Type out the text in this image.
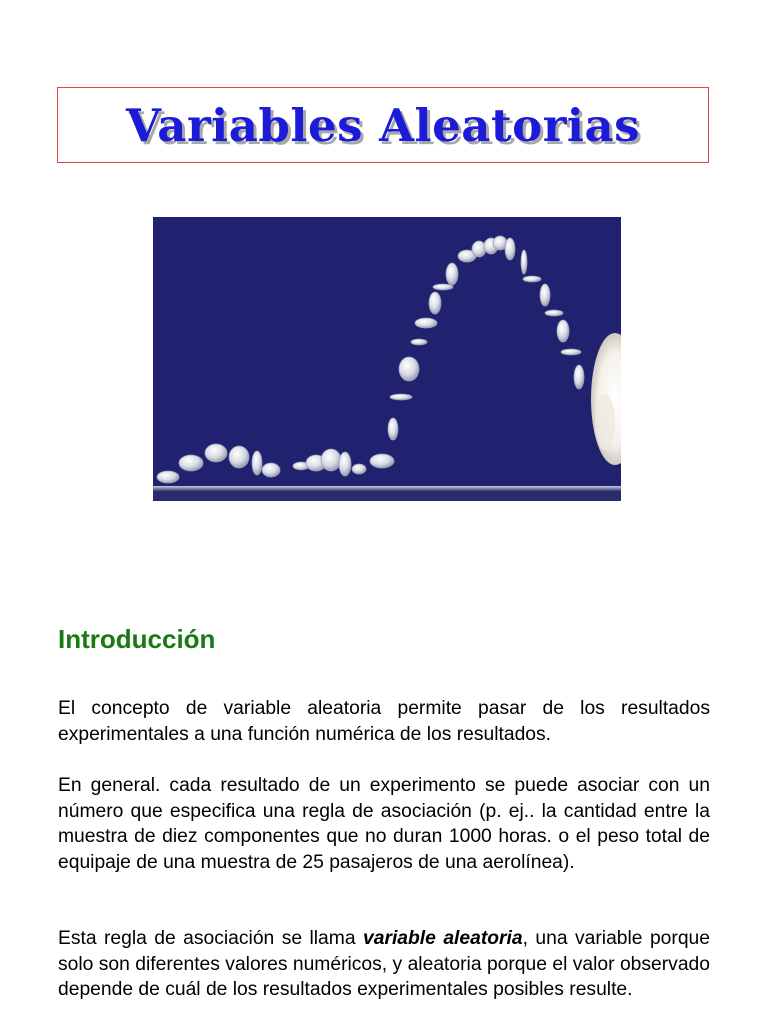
Variables Aleatorias
Introducción

El concepto de variable aleatoria permite pasar de los resultados experimentales a una función numérica de los resultados.

En general. cada resultado de un experimento se puede asociar con un número que especifica una regla de asociación (p. ej.. la cantidad entre la muestra de diez componentes que no duran 1000 horas. o el peso total de equipaje de una muestra de 25 pasajeros de una aerolínea).

Esta regla de asociación se llama variable aleatoria, una variable porque solo son diferentes valores numéricos, y aleatoria porque el valor observado depende de cuál de los resultados experimentales posibles resulte.
